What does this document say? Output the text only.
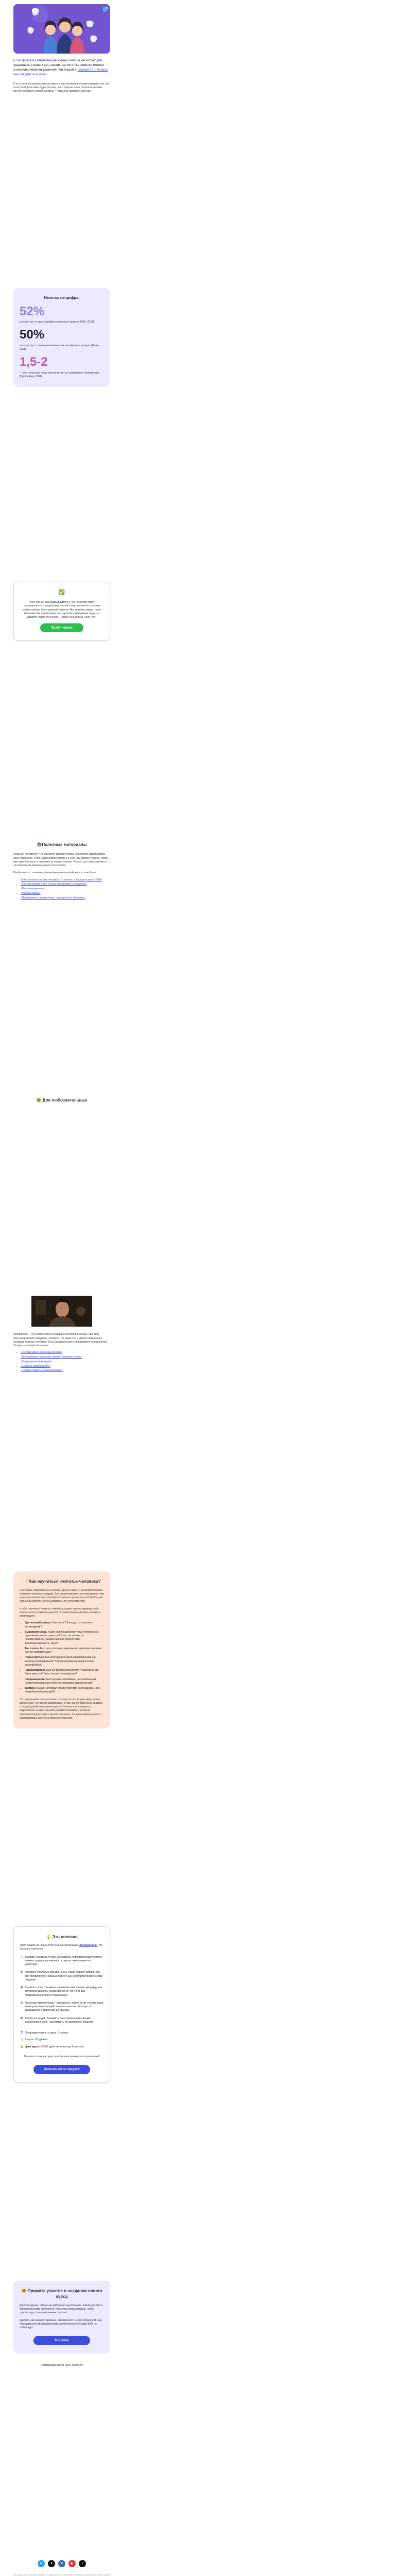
R

Если фраза из заголовка рассылки хотя бы несколько раз срывалась с ваших уст, значит, вы хотя бы немного можете считывать микровыражения лиц людей и определять, правду они говорят или ложь.

И это очень полезный в жизни навык, а при желании его можно развить так, что почти любой человек будет для вас, как открытая книга. Хотелось бы вам научиться видеть людей насквозь? Тогда этот дайджест для вас!

Некоторые цифры
52%
россиян лгут о своих профессиональных навыках [РБК, 2021],
50%
россиян лгут о своем экономическом положении и доходах [Маяк, 2018],
1,5-2
— во столько раз чаще мужчины лгут по сравнению с женщинами [Профайлер, 2018].
✅

Точно так же, как каждый думает о чем-то в меру своей распущенности, каждый имеет о себе точку зрения на то, о чем можно солгать без угрызений совести. Мы, конечно, верим, что в большинстве своем вокруг нас хорошие и правдивые люди, но давайте будем честными… (опрос анонимный, если что).

Пройти опрос
📚Полезные материалы

Когда вы понимаете, что чувствует другой человек, вы можете адаптировать свое поведение, чтобы эффективно влиять на него. Вы сможете понять, когда вам врут или просто скрывают истинные мотивы. Кстати, этот навык является составляющей эмоционального интеллекта.

Разбираемся с понятием и компонентами профайлинга в этом блоке:

• «Как научиться читать человека: 7 советов от бывшего агента ФБР»
• «Как распознать ложь: по жестам, мимике, в общении»
• «Микровыражения»
• «Физиогномика»
• «Профайлинг: определение, направления, обучение»
🤓 Для любознательных

Профайлинг – это совокупность методов и способов анализа, оценки и прогнозирования поведения человека. Но также это и умение общаться и находить подход к человеку. Быть специалистом в профайлинге в психологии. Этому и посвящён блок ниже:

• «10 признаков неосознанной лжи»
• «Бихевиоризм: позволяет понять человека лучше»
• «Социальная инженерия»
• «Книги по профайлингу»
• «Техники защиты от манипуляции»
📝 Как научиться «читать» человека?

Считывать невербальные сигналы других людей и интерпретировать их может научиться каждый. Для профессионального овладения этим навыком, конечно же, потребуется немало времени и усилий. Но уже сейчас вы можете начать осваивать эту этой практики.

Чтобы научиться «читать» человека, нужно просто задавать себе вопросы после каждого диалога. А сами вопросы должны касаться следующего:

• Зрительный контакт. Был ли он? Если да, то насколько интенсивный?
• Выражение лица. Какие были выражения лица человека на протяжении вашего диалога? Было ли это маска, невозмутимость, эмоциональное присутствие, заинтересованность, скука?
• Тон голоса. Был ли он теплым, уверенным, заинтересованным или же напряженным?
• Поза и жесты. Поза собеседника была расслабленная или жесткая и неподвижная? Плечи напряжены, подняты или расслаблены?
• Прикосновения. Был ли физический контакт? Насколько это было уместно? Было ли вам некомфортно?
• Напряженность. Был человек спокойным, расслабленным, незаинтересованным либо же чрезмерно драматичным?
• Тайминг. Был ли интервал между ответами собеседника и его невербальной реакцией?

Это упражнение очень полезно, потому что после разговора может выясниться, что все на самом деле не так, как об этом было сказано, и, придя домой, взяв в руки ручку и блокнот и вспомнив все подробности, можно отыскать в памяти моменты, которые просигнализируют вам о вашего сознания. А в дальнейшем учитесь анализировать все это в процессе общения.

💡 Это полезно

Приглашаем на новый поток онлайн-программы «Профайлинг». На курсе вы научитесь:

🤼 Узнавать человека лучше. Составлять психологический портрет: мотивы, предрасположенности, черты темперамента и характера.
🎭 Понимать реальные эмоции. Знать, какие бывают эмоции, как они проявляются у разных людей и как они влияют вовсе с ними общение.
🦊 Выявлять ложь. Понимать, зачем человек говорит неправду, как это можно выявить, опирается ли он что-то от вас преднамеренно или не специально.
🛡 Пресекать манипуляции. Определить, пытается ли человек вами манипулировать, воздействовать гипнозом. Если да, то защищаться и применять контрмеры.
👁 Влиять на людей. Вызывать у них нужные вам эмоции, располагать к себе, настраивать на позитивное общение.
⏰ Продолжительность курса: 5 недель
📑 В курсе: 20 уроков
💰 Цена курса: 1495₽ (действительна до 9 августа)

В новом потоке вас ждет еще больше примеров и упражнений!

Записаться со скидкой
🤓 Примите участие в создании нового курса

Дорогие друзья, сейчас мы работаем над большим новым курсом по эмоциональному интеллекту. Нам нужна ваша помощь, чтобы сделать курс полезным именно для вас.

Уделите нам немного времени, ответив всего на три вопроса. В знак благодарности мы подарим вам дополнительную скидку 50% на любой курс.

К опросу

Подписывайтесь на нас в соцсетях:

➤	✦	в	▶	♪

Вы получили это письмо, потому что подписались на рассылку. Отписаться от рассылки можно по этой
